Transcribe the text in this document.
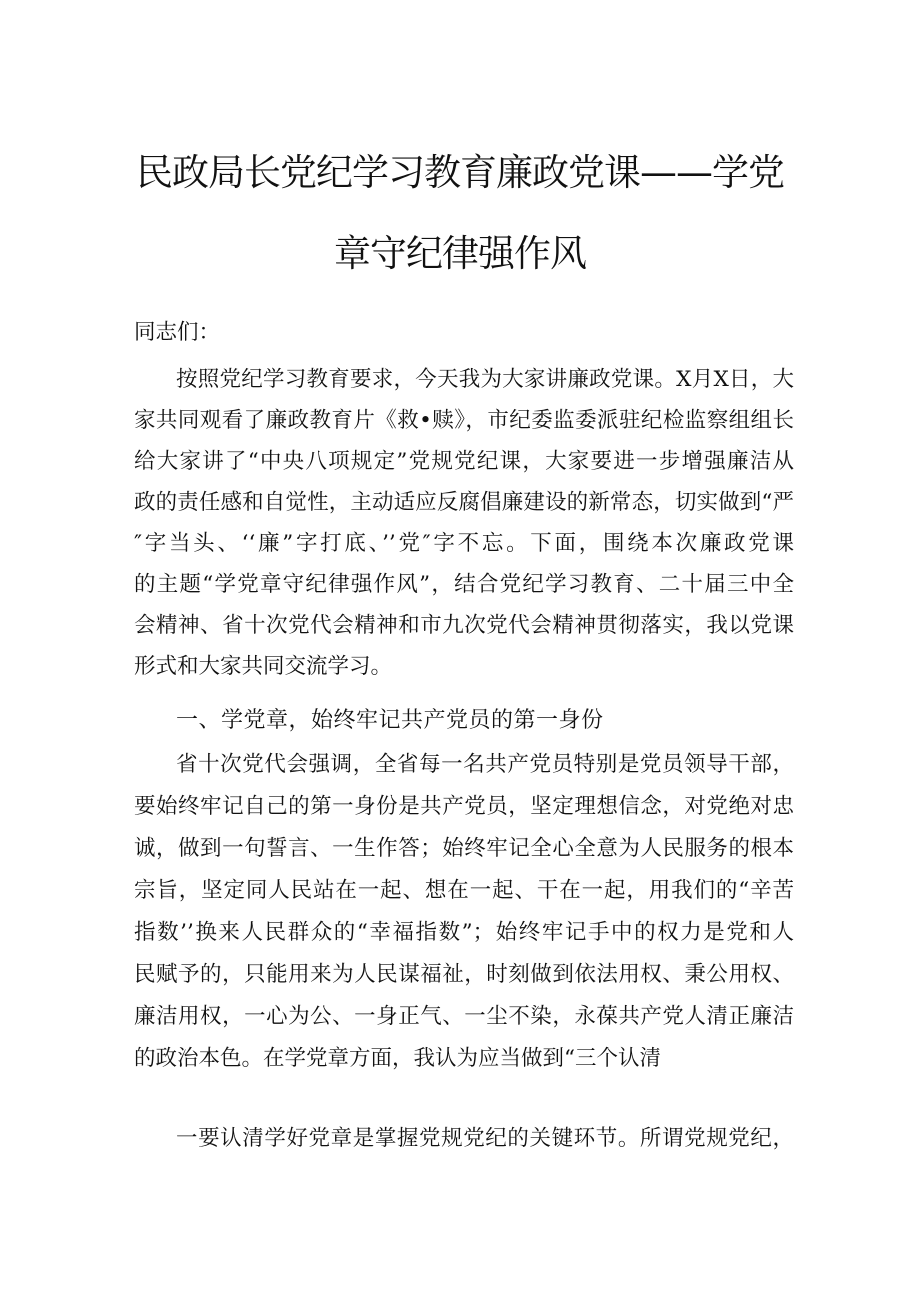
民政局长党纪学习教育廉政党课——学党
章守纪律强作风
同志们：
按照党纪学习教育要求，今天我为大家讲廉政党课。X月X日，大
家共同观看了廉政教育片《救•赎》，市纪委监委派驻纪检监察组组长
给大家讲了“中央八项规定”党规党纪课，大家要进一步增强廉洁从
政的责任感和自觉性，主动适应反腐倡廉建设的新常态，切实做到“严
″字当头、‘‘廉”字打底、’’党″字不忘。下面，围绕本次廉政党课
的主题“学党章守纪律强作风”，结合党纪学习教育、二十届三中全
会精神、省十次党代会精神和市九次党代会精神贯彻落实，我以党课
形式和大家共同交流学习。
一、学党章，始终牢记共产党员的第一身份
省十次党代会强调，全省每一名共产党员特别是党员领导干部，
要始终牢记自己的第一身份是共产党员，坚定理想信念，对党绝对忠
诚，做到一句誓言、一生作答；始终牢记全心全意为人民服务的根本
宗旨，坚定同人民站在一起、想在一起、干在一起，用我们的“辛苦
指数’’换来人民群众的“幸福指数”；始终牢记手中的权力是党和人
民赋予的，只能用来为人民谋福祉，时刻做到依法用权、秉公用权、
廉洁用权，一心为公、一身正气、一尘不染，永葆共产党人清正廉洁
的政治本色。在学党章方面，我认为应当做到“三个认清
一要认清学好党章是掌握党规党纪的关键环节。所谓党规党纪，
